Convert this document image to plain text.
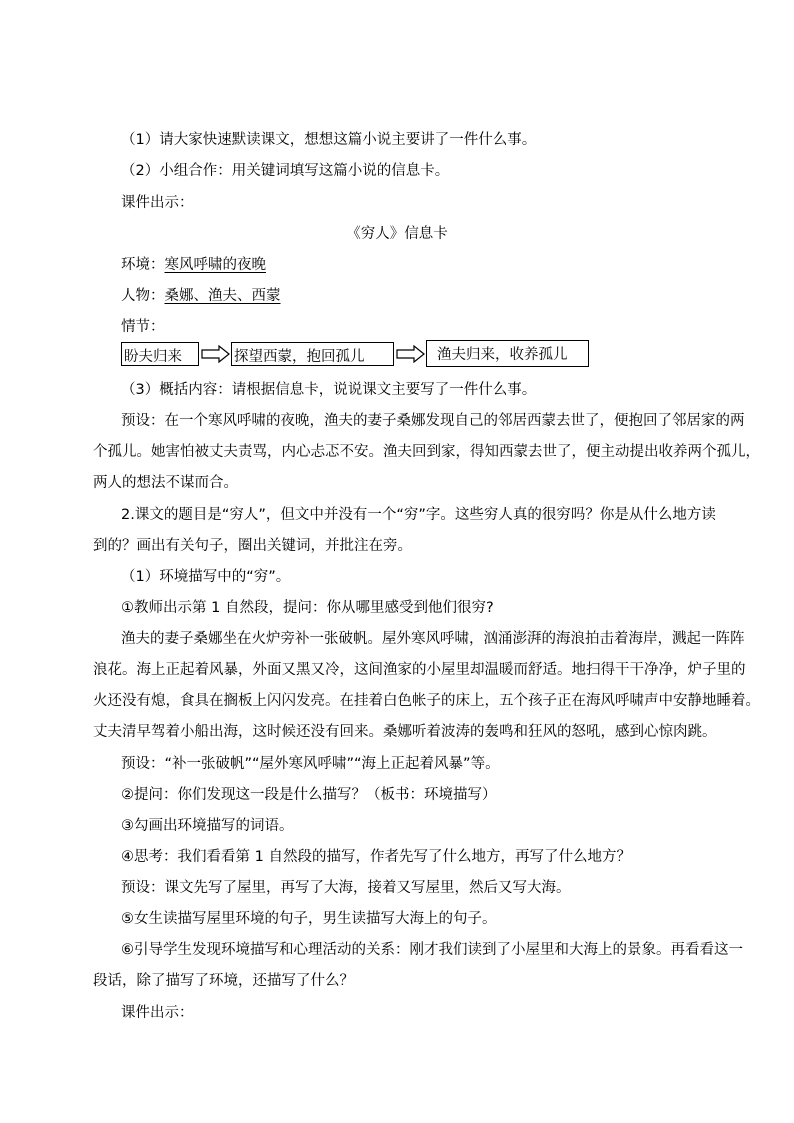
（1）请大家快速默读课文，想想这篇小说主要讲了一件什么事。
（2）小组合作：用关键词填写这篇小说的信息卡。
课件出示：
《穷人》信息卡
环境：寒风呼啸的夜晚
人物：桑娜、渔夫、西蒙
情节：
盼夫归来	探望西蒙，抱回孤儿	渔夫归来，收养孤儿
（3）概括内容：请根据信息卡，说说课文主要写了一件什么事。
预设：在一个寒风呼啸的夜晚，渔夫的妻子桑娜发现自己的邻居西蒙去世了，便抱回了邻居家的两
个孤儿。她害怕被丈夫责骂，内心忐忑不安。渔夫回到家，得知西蒙去世了，便主动提出收养两个孤儿，
两人的想法不谋而合。
2.课文的题目是“穷人”，但文中并没有一个“穷”字。这些穷人真的很穷吗？你是从什么地方读
到的？画出有关句子，圈出关键词，并批注在旁。
（1）环境描写中的“穷”。
①教师出示第 1 自然段，提问：你从哪里感受到他们很穷?
渔夫的妻子桑娜坐在火炉旁补一张破帆。屋外寒风呼啸，汹涌澎湃的海浪拍击着海岸，溅起一阵阵
浪花。海上正起着风暴，外面又黑又冷，这间渔家的小屋里却温暖而舒适。地扫得干干净净，炉子里的
火还没有熄，食具在搁板上闪闪发亮。在挂着白色帐子的床上，五个孩子正在海风呼啸声中安静地睡着。
丈夫清早驾着小船出海，这时候还没有回来。桑娜听着波涛的轰鸣和狂风的怒吼，感到心惊肉跳。
预设：“补一张破帆”“屋外寒风呼啸”“海上正起着风暴”等。
②提问：你们发现这一段是什么描写？（板书：环境描写）
③勾画出环境描写的词语。
④思考：我们看看第 1 自然段的描写，作者先写了什么地方，再写了什么地方？
预设：课文先写了屋里，再写了大海，接着又写屋里，然后又写大海。
⑤女生读描写屋里环境的句子，男生读描写大海上的句子。
⑥引导学生发现环境描写和心理活动的关系：刚才我们读到了小屋里和大海上的景象。再看看这一
段话，除了描写了环境，还描写了什么？
课件出示：
